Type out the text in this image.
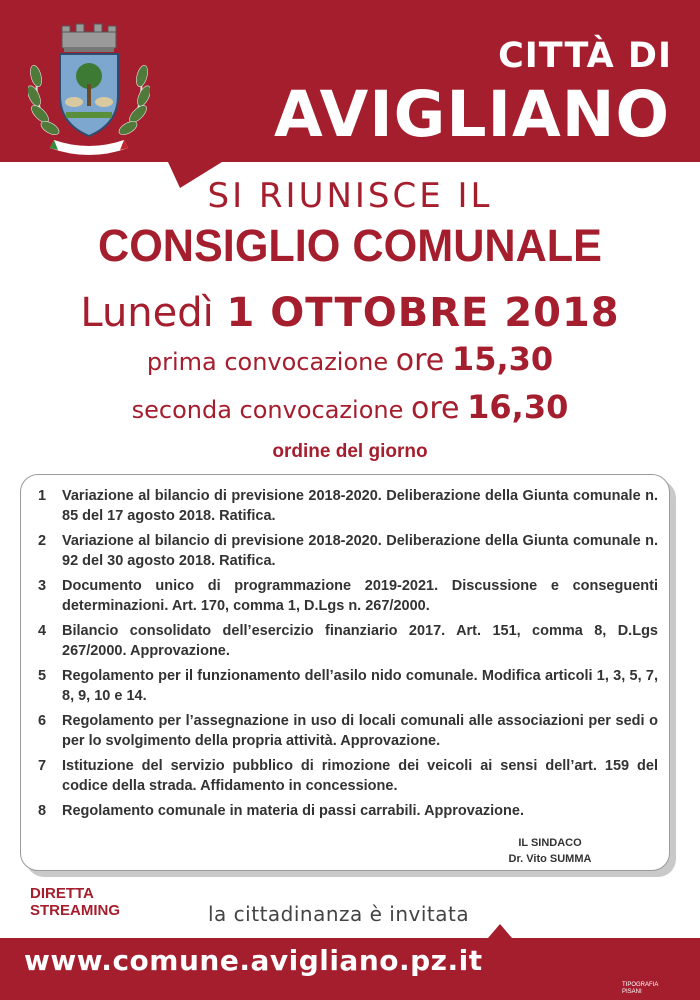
CITTÀ DI
AVIGLIANO
SI RIUNISCE IL
CONSIGLIO COMUNALE
Lunedì 1 OTTOBRE 2018
prima convocazione ore 15,30
seconda convocazione ore 16,30
ordine del giorno
1	Variazione al bilancio di previsione 2018-2020. Deliberazione della Giunta comunale n. 85 del 17 agosto 2018. Ratifica.
2	Variazione al bilancio di previsione 2018-2020. Deliberazione della Giunta comunale n. 92 del 30 agosto 2018. Ratifica.
3	Documento unico di programmazione 2019-2021. Discussione e conseguenti determinazioni. Art. 170, comma 1, D.Lgs n. 267/2000.
4	Bilancio consolidato dell’esercizio finanziario 2017. Art. 151, comma 8, D.Lgs 267/2000. Approvazione.
5	Regolamento per il funzionamento dell’asilo nido comunale. Modifica articoli 1, 3, 5, 7, 8, 9, 10 e 14.
6	Regolamento per l’assegnazione in uso di locali comunali alle associazioni per sedi o per lo svolgimento della propria attività. Approvazione.
7	Istituzione del servizio pubblico di rimozione dei veicoli ai sensi dell’art. 159 del codice della strada. Affidamento in concessione.
8	Regolamento comunale in materia di passi carrabili. Approvazione.
IL SINDACO
Dr. Vito SUMMA
DIRETTA
STREAMING	la cittadinanza è invitata
www.comune.avigliano.pz.it
TIPOGRAFIA
PISANI
